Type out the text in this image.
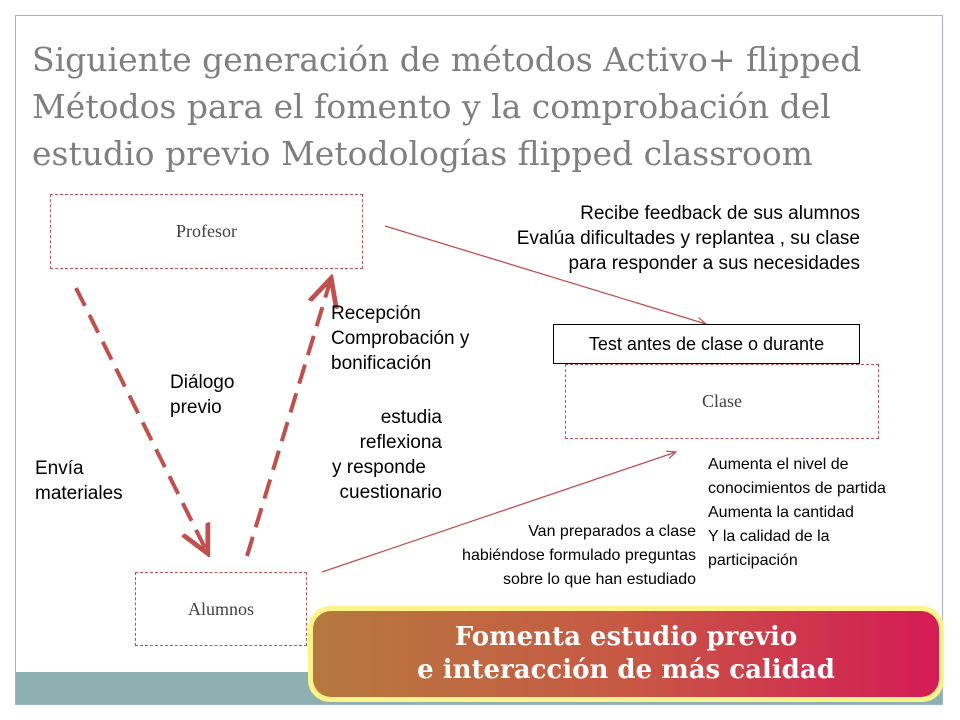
Siguiente generación de métodos Activo+ flipped
Métodos para el fomento y la comprobación del
estudio previo Metodologías flipped classroom
Profesor
Clase
Alumnos
Recibe feedback de sus alumnos
Evalúa dificultades y replantea , su clase
para responder a sus necesidades
Test antes de clase o durante
Recepción
Comprobación y
bonificación
Diálogo
previo	estudia
reflexiona
y responde
cuestionario
Envía
materiales
Van preparados a clase
habiéndose formulado preguntas
sobre lo que han estudiado
Aumenta el nivel de
conocimientos de partida
Aumenta la cantidad
Y la calidad de la
participación
Fomenta estudio previo
e interacción de más calidad
